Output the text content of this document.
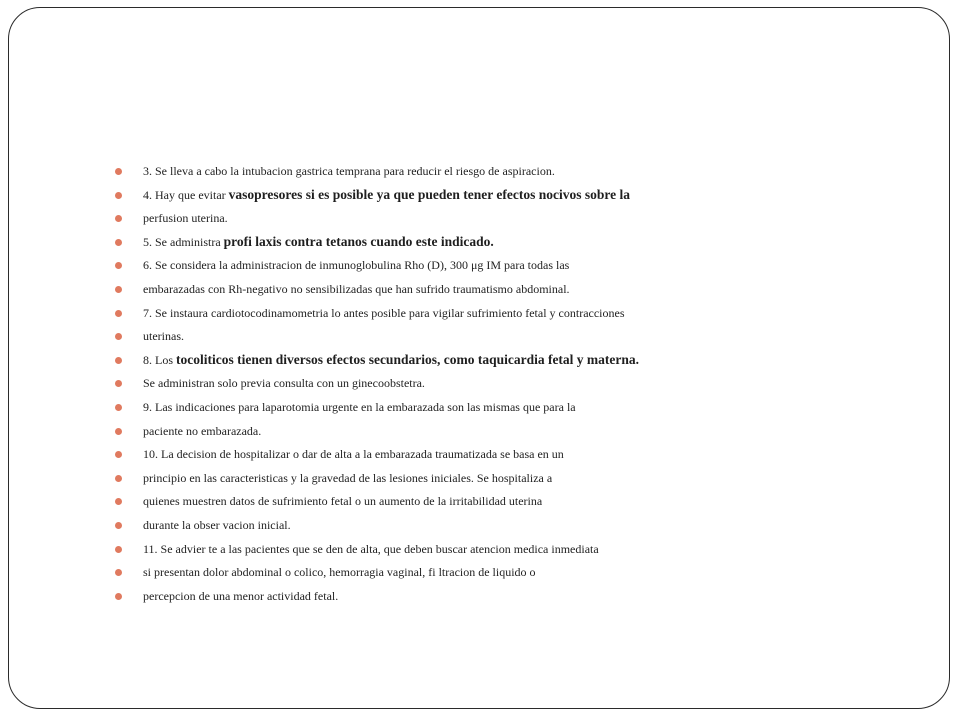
3. Se lleva a cabo la intubacion gastrica temprana para reducir el riesgo de aspiracion.
4. Hay que evitar vasopresores si es posible ya que pueden tener efectos nocivos sobre la
perfusion uterina.
5. Se administra profi laxis contra tetanos cuando este indicado.
6. Se considera la administracion de inmunoglobulina Rho (D), 300 μg IM para todas las
embarazadas con Rh-negativo no sensibilizadas que han sufrido traumatismo abdominal.
7. Se instaura cardiotocodinamometria lo antes posible para vigilar sufrimiento fetal y contracciones
uterinas.
8. Los tocoliticos tienen diversos efectos secundarios, como taquicardia fetal y materna.
Se administran solo previa consulta con un ginecoobstetra.
9. Las indicaciones para laparotomia urgente en la embarazada son las mismas que para la
paciente no embarazada.
10. La decision de hospitalizar o dar de alta a la embarazada traumatizada se basa en un
principio en las caracteristicas y la gravedad de las lesiones iniciales. Se hospitaliza a
quienes muestren datos de sufrimiento fetal o un aumento de la irritabilidad uterina
durante la obser vacion inicial.
11. Se advier te a las pacientes que se den de alta, que deben buscar atencion medica inmediata
si presentan dolor abdominal o colico, hemorragia vaginal, fi ltracion de liquido o
percepcion de una menor actividad fetal.
